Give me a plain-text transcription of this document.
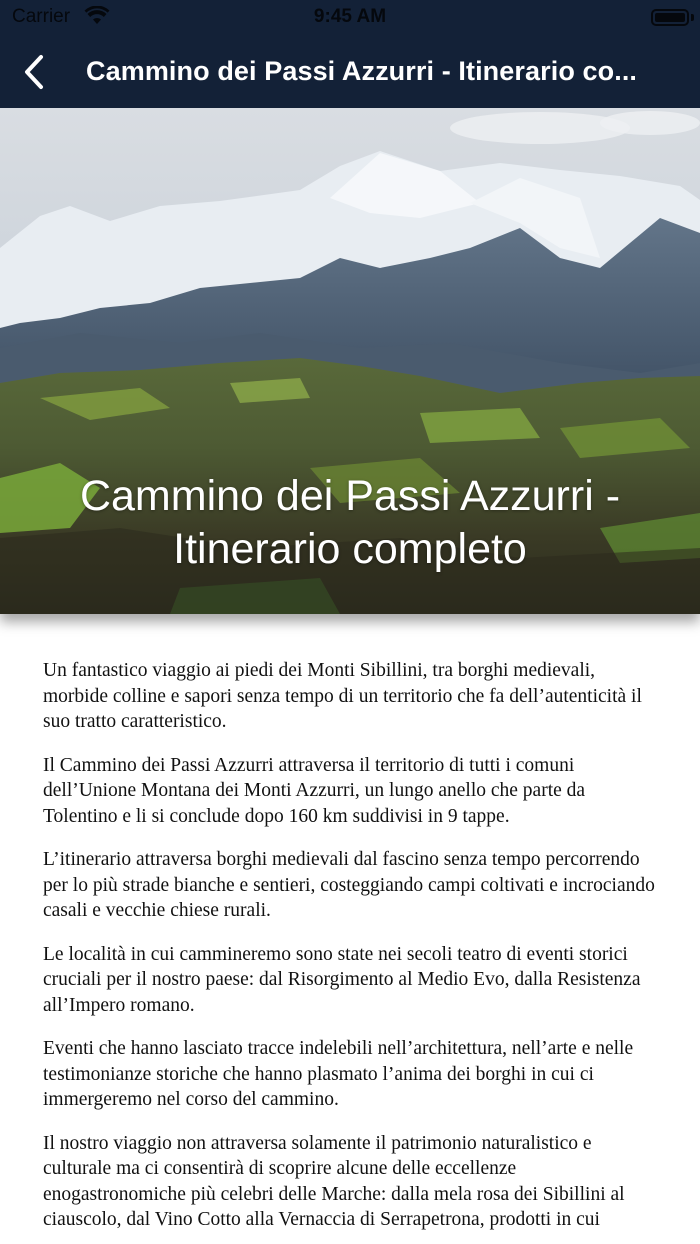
Carrier	9:45 AM
Cammino dei Passi Azzurri - Itinerario co...
Cammino dei Passi Azzurri -
Itinerario completo

Un fantastico viaggio ai piedi dei Monti Sibillini, tra borghi medievali, morbide colline e sapori senza tempo di un territorio che fa dell’autenticità il suo tratto caratteristico.

Il Cammino dei Passi Azzurri attraversa il territorio di tutti i comuni dell’Unione Montana dei Monti Azzurri, un lungo anello che parte da Tolentino e li si conclude dopo 160 km suddivisi in 9 tappe.

L’itinerario attraversa borghi medievali dal fascino senza tempo percorrendo per lo più strade bianche e sentieri, costeggiando campi coltivati e incrociando casali e vecchie chiese rurali.

Le località in cui cammineremo sono state nei secoli teatro di eventi storici cruciali per il nostro paese: dal Risorgimento al Medio Evo, dalla Resistenza all’Impero romano.

Eventi che hanno lasciato tracce indelebili nell’architettura, nell’arte e nelle testimonianze storiche che hanno plasmato l’anima dei borghi in cui ci immergeremo nel corso del cammino.

Il nostro viaggio non attraversa solamente il patrimonio naturalistico e culturale ma ci consentirà di scoprire alcune delle eccellenze enogastronomiche più celebri delle Marche: dalla mela rosa dei Sibillini al ciauscolo, dal Vino Cotto alla Vernaccia di Serrapetrona, prodotti in cui
